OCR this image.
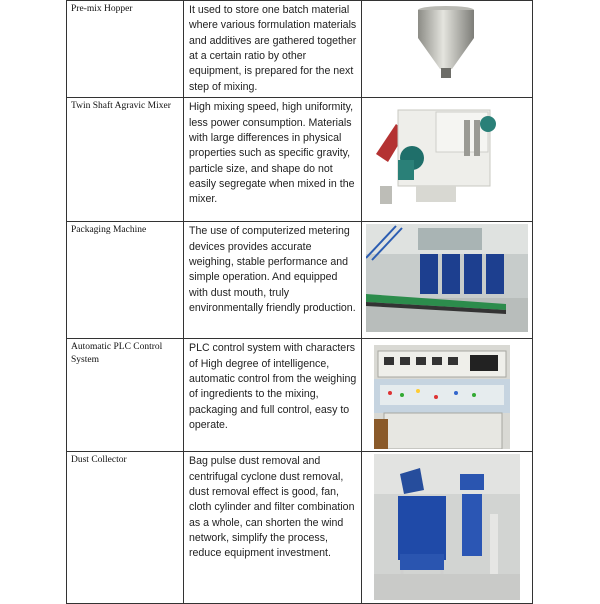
Pre-mix Hopper	It used to store one batch material where various formulation materials and additives are gathered together at a certain ratio by other equipment, is prepared for the next step of mixing.	

Twin Shaft Agravic Mixer	High mixing speed, high uniformity, less power consumption. Materials with large differences in physical properties such as specific gravity, particle size, and shape do not easily segregate when mixed in the mixer.	

Packaging Machine	The use of computerized metering devices provides accurate weighing, stable performance and simple operation. And equipped with dust mouth, truly environmentally friendly production.	

Automatic PLC Control System	PLC control system with characters of High degree of intelligence, automatic control from the weighing of ingredients to the mixing, packaging and full control, easy to operate.	

Dust Collector	Bag pulse dust removal and centrifugal cyclone dust removal, dust removal effect is good, fan, cloth cylinder and filter combination as a whole, can shorten the wind network, simplify the process, reduce equipment investment.	
